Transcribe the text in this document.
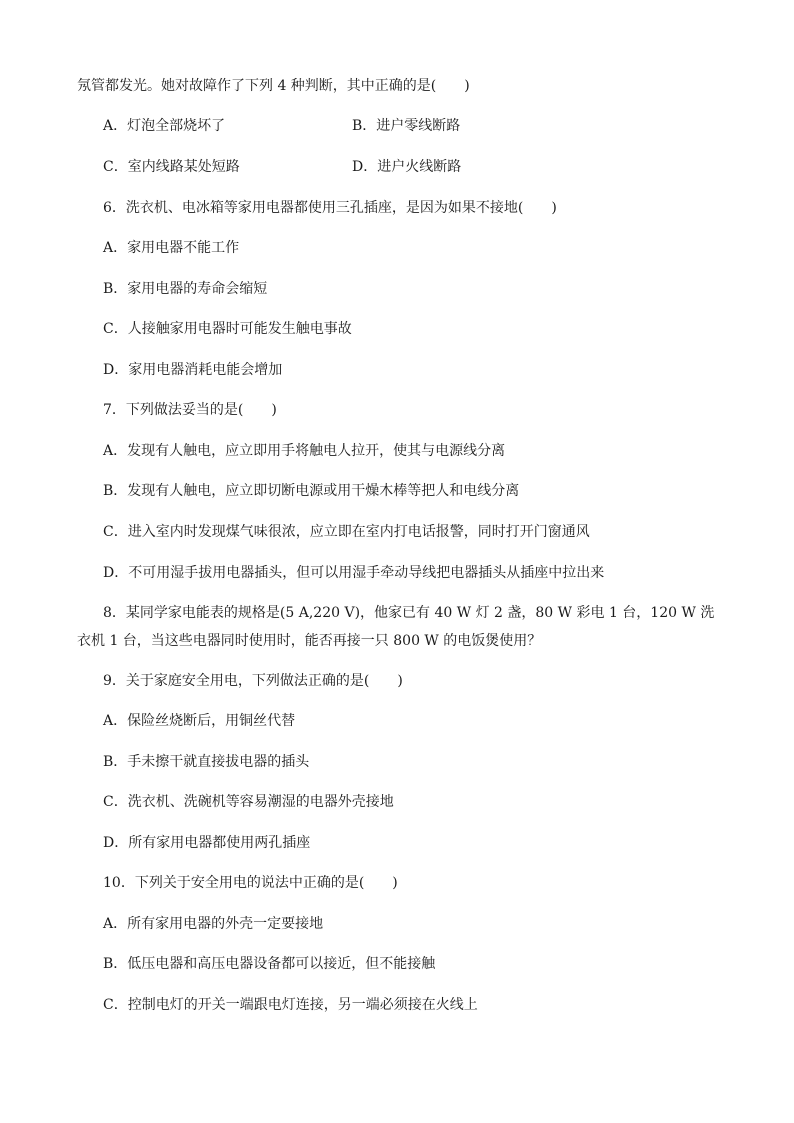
氖管都发光。她对故障作了下列 4 种判断，其中正确的是(　　)
A．灯泡全部烧坏了	B．进户零线断路
C．室内线路某处短路	D．进户火线断路
6．洗衣机、电冰箱等家用电器都使用三孔插座，是因为如果不接地(　　)
A．家用电器不能工作
B．家用电器的寿命会缩短
C．人接触家用电器时可能发生触电事故
D．家用电器消耗电能会增加
7．下列做法妥当的是(　　)
A．发现有人触电，应立即用手将触电人拉开，使其与电源线分离
B．发现有人触电，应立即切断电源或用干燥木棒等把人和电线分离
C．进入室内时发现煤气味很浓，应立即在室内打电话报警，同时打开门窗通风
D．不可用湿手拔用电器插头，但可以用湿手牵动导线把电器插头从插座中拉出来
8．某同学家电能表的规格是(5 A,220 V)，他家已有 40 W 灯 2 盏，80 W 彩电 1 台，120 W 洗衣机 1 台，当这些电器同时使用时，能否再接一只 800 W 的电饭煲使用？
9．关于家庭安全用电，下列做法正确的是(　　)
A．保险丝烧断后，用铜丝代替
B．手未擦干就直接拔电器的插头
C．洗衣机、洗碗机等容易潮湿的电器外壳接地
D．所有家用电器都使用两孔插座
10．下列关于安全用电的说法中正确的是(　　)
A．所有家用电器的外壳一定要接地
B．低压电器和高压电器设备都可以接近，但不能接触
C．控制电灯的开关一端跟电灯连接，另一端必须接在火线上
